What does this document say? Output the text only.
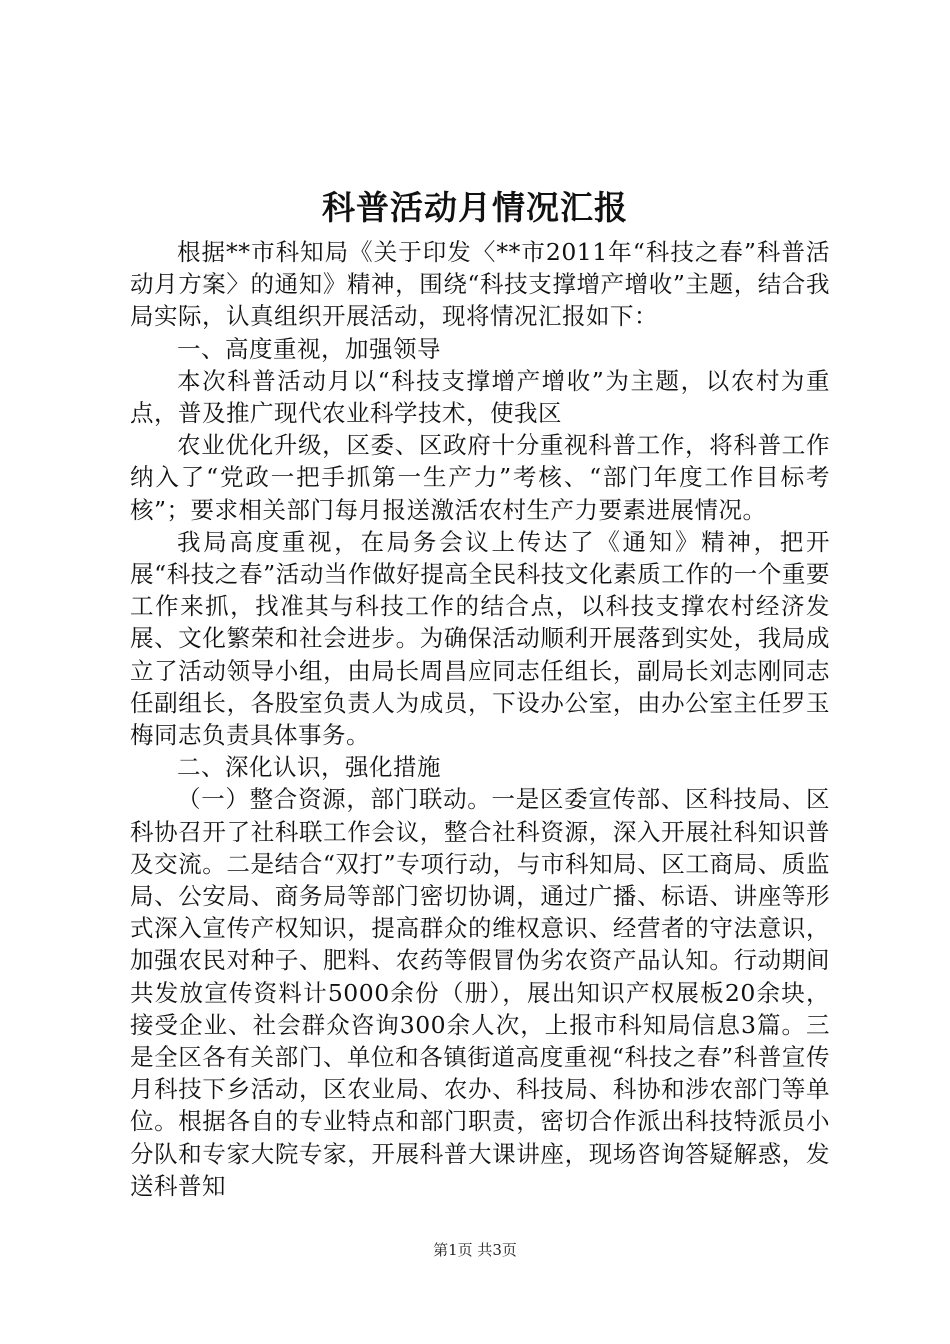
科普活动月情况汇报

根据**市科知局《关于印发〈**市2011年“科技之春”科普活动月方案〉的通知》精神，围绕“科技支撑增产增收”主题，结合我局实际，认真组织开展活动，现将情况汇报如下：

一、高度重视，加强领导

本次科普活动月以“科技支撑增产增收”为主题，以农村为重点，普及推广现代农业科学技术，使我区

农业优化升级，区委、区政府十分重视科普工作，将科普工作纳入了“党政一把手抓第一生产力”考核、“部门年度工作目标考核”；要求相关部门每月报送激活农村生产力要素进展情况。

我局高度重视，在局务会议上传达了《通知》精神，把开展“科技之春”活动当作做好提高全民科技文化素质工作的一个重要工作来抓，找准其与科技工作的结合点，以科技支撑农村经济发展、文化繁荣和社会进步。为确保活动顺利开展落到实处，我局成立了活动领导小组，由局长周昌应同志任组长，副局长刘志刚同志任副组长，各股室负责人为成员，下设办公室，由办公室主任罗玉梅同志负责具体事务。

二、深化认识，强化措施

（一）整合资源，部门联动。一是区委宣传部、区科技局、区科协召开了社科联工作会议，整合社科资源，深入开展社科知识普及交流。二是结合“双打”专项行动，与市科知局、区工商局、质监局、公安局、商务局等部门密切协调，通过广播、标语、讲座等形式深入宣传产权知识，提高群众的维权意识、经营者的守法意识，加强农民对种子、肥料、农药等假冒伪劣农资产品认知。行动期间共发放宣传资料计5000余份（册），展出知识产权展板20余块，接受企业、社会群众咨询300余人次，上报市科知局信息3篇。三是全区各有关部门、单位和各镇街道高度重视“科技之春”科普宣传月科技下乡活动，区农业局、农办、科技局、科协和涉农部门等单位。根据各自的专业特点和部门职责，密切合作派出科技特派员小分队和专家大院专家，开展科普大课讲座，现场咨询答疑解惑，发送科普知

第1页 共3页
